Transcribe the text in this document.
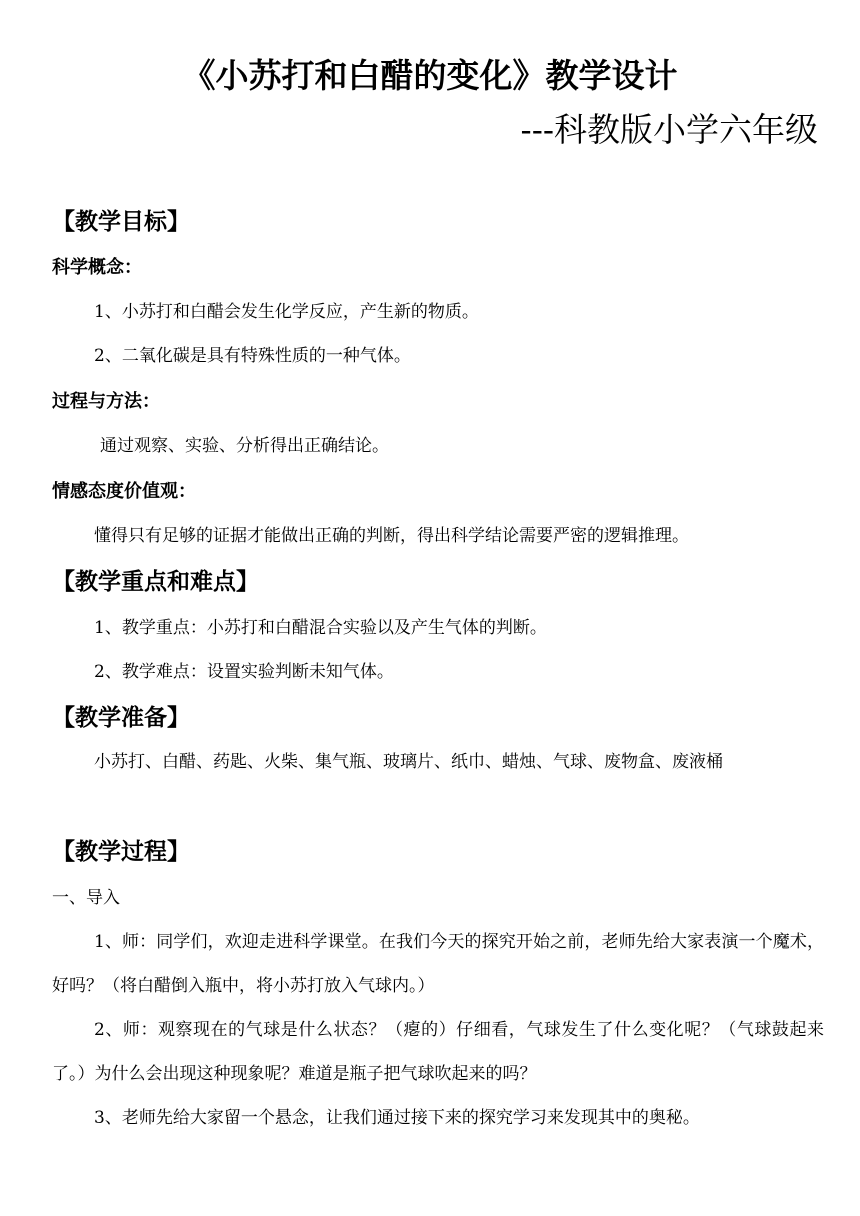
《小苏打和白醋的变化》教学设计
---科教版小学六年级
【教学目标】
科学概念：
1、小苏打和白醋会发生化学反应，产生新的物质。
2、二氧化碳是具有特殊性质的一种气体。
过程与方法：
通过观察、实验、分析得出正确结论。
情感态度价值观：
懂得只有足够的证据才能做出正确的判断，得出科学结论需要严密的逻辑推理。
【教学重点和难点】
1、教学重点：小苏打和白醋混合实验以及产生气体的判断。
2、教学难点：设置实验判断未知气体。
【教学准备】
小苏打、白醋、药匙、火柴、集气瓶、玻璃片、纸巾、蜡烛、气球、废物盒、废液桶
【教学过程】
一、导入
1、师：同学们，欢迎走进科学课堂。在我们今天的探究开始之前，老师先给大家表演一个魔术，好吗？（将白醋倒入瓶中，将小苏打放入气球内。）
2、师：观察现在的气球是什么状态？（瘪的）仔细看，气球发生了什么变化呢？（气球鼓起来了。）为什么会出现这种现象呢？难道是瓶子把气球吹起来的吗？
3、老师先给大家留一个悬念，让我们通过接下来的探究学习来发现其中的奥秘。
